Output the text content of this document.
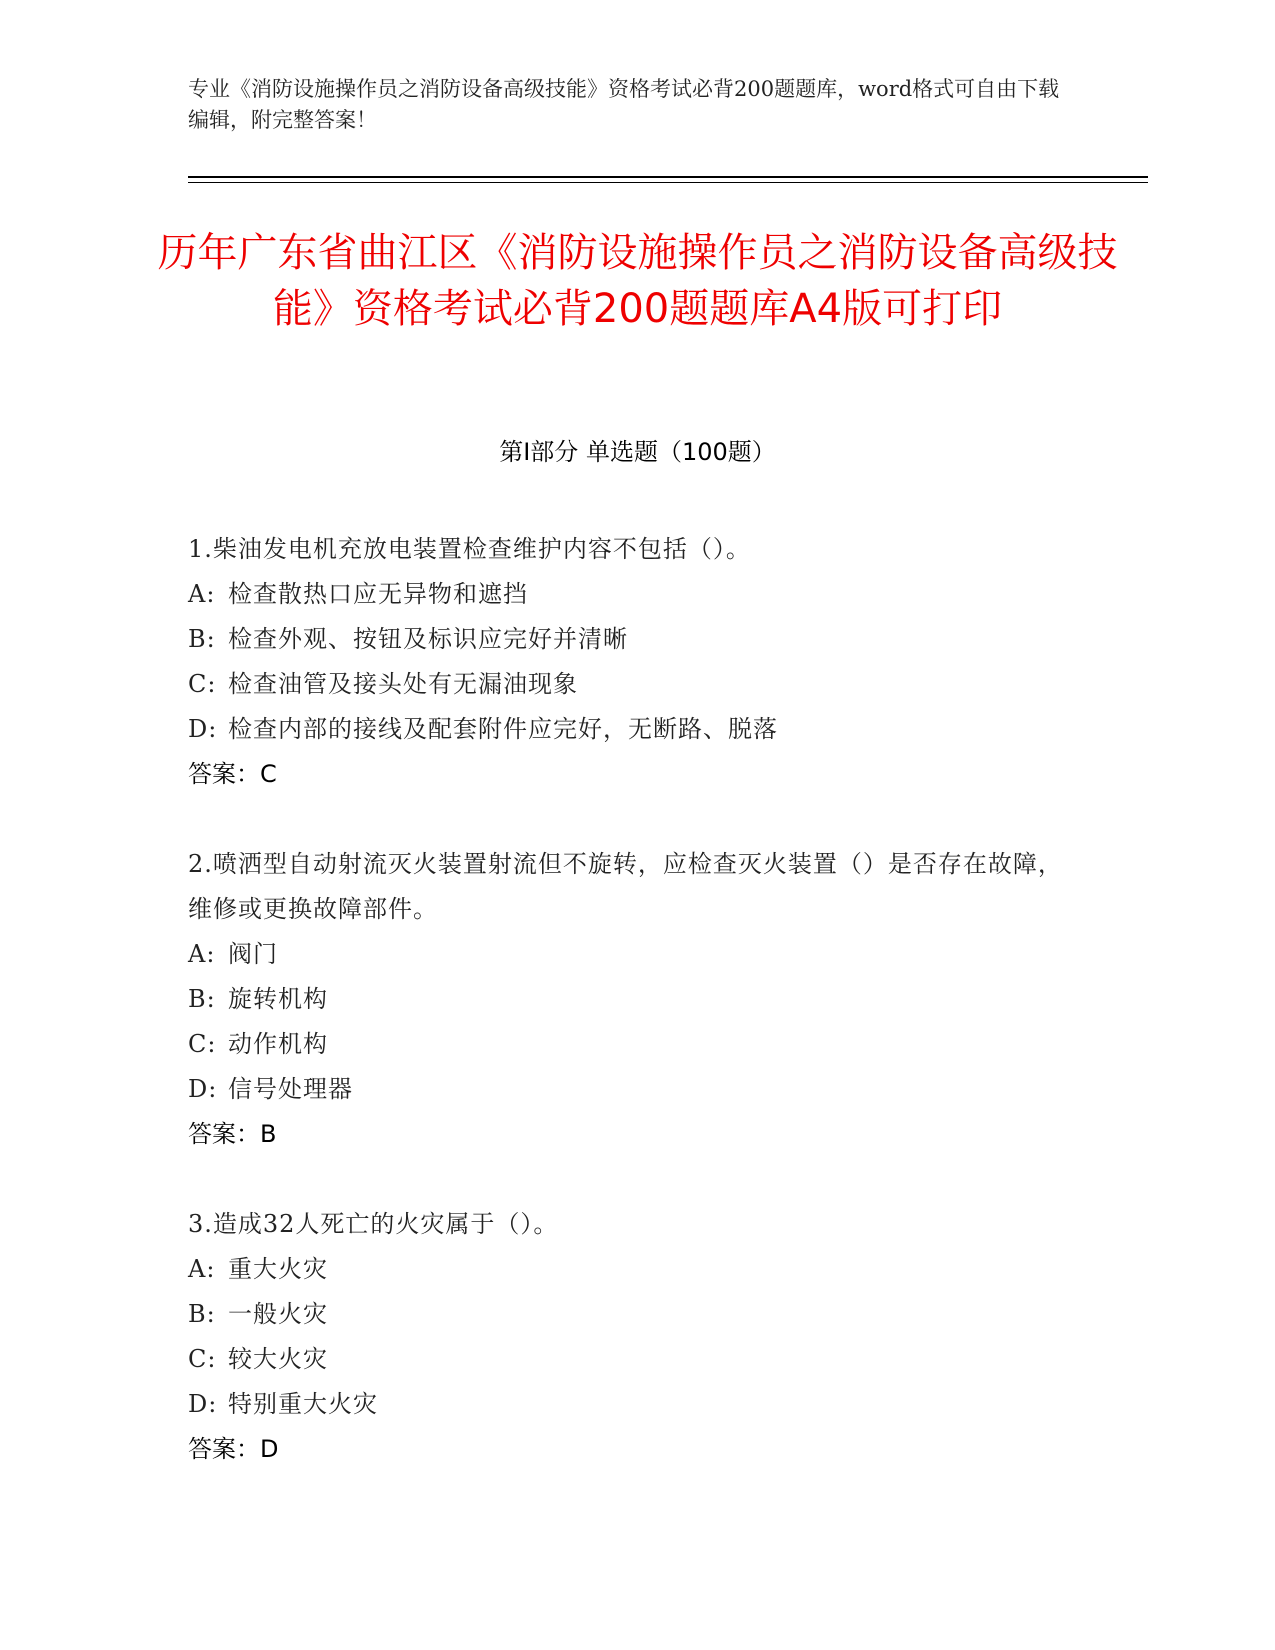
专业《消防设施操作员之消防设备高级技能》资格考试必背200题题库，word格式可自由下载编辑，附完整答案！
历年广东省曲江区《消防设施操作员之消防设备高级技能》资格考试必背200题题库A4版可打印
第I部分 单选题（100题）
1.柴油发电机充放电装置检查维护内容不包括（）。
A: 检查散热口应无异物和遮挡
B: 检查外观、按钮及标识应完好并清晰
C: 检查油管及接头处有无漏油现象
D: 检查内部的接线及配套附件应完好，无断路、脱落
答案：C
2.喷洒型自动射流灭火装置射流但不旋转，应检查灭火装置（）是否存在故障，维修或更换故障部件。
A: 阀门
B: 旋转机构
C: 动作机构
D: 信号处理器
答案：B
3.造成32人死亡的火灾属于（）。
A: 重大火灾
B: 一般火灾
C: 较大火灾
D: 特别重大火灾
答案：D
